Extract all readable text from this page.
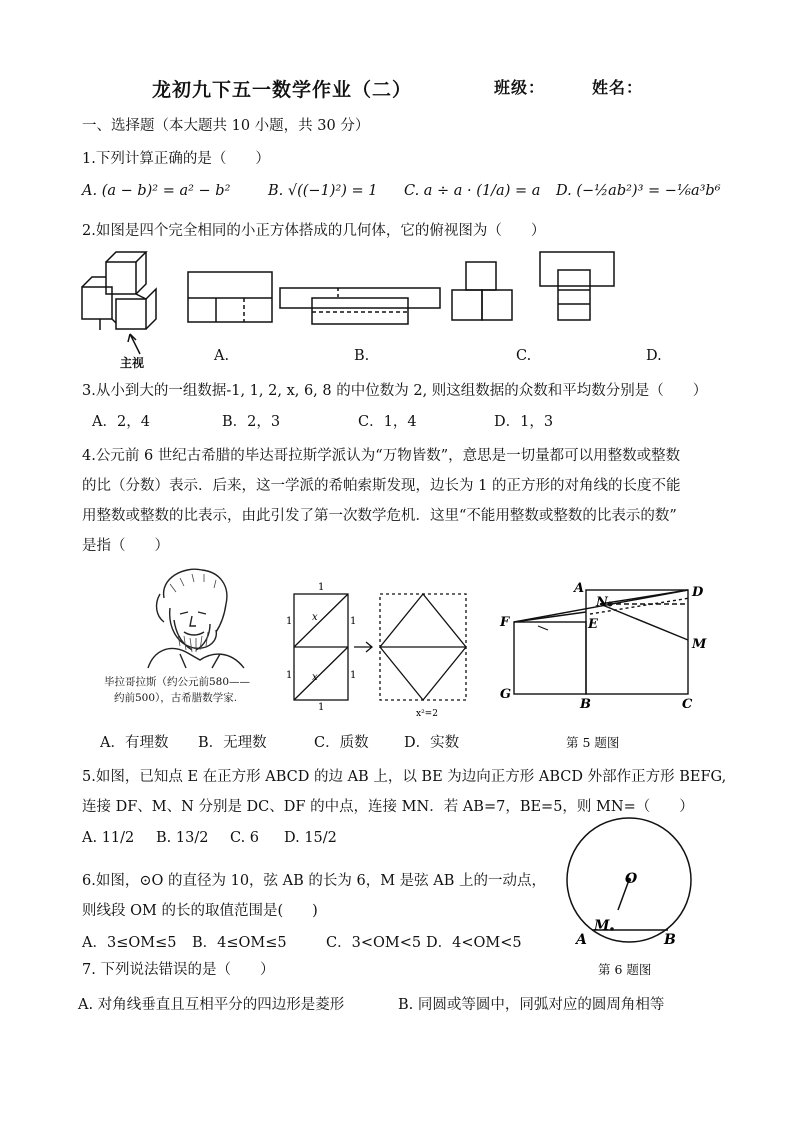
龙初九下五一数学作业（二）	班级：	姓名：
一、选择题（本大题共 10 小题，共 30 分）
1.下列计算正确的是（　　）
A. (a − b)² = a² − b²	B. √((−1)²) = 1 C. a ÷ a · (1/a) = a D. (−½ab²)³ = −⅙a³b⁶
2.如图是四个完全相同的小正方体搭成的几何体，它的俯视图为（　　）
主视	A.	B.	C.	D.
3.从小到大的一组数据-1, 1, 2, x, 6, 8 的中位数为 2, 则这组数据的众数和平均数分别是（　　）
A．2，4	B．2，3	C．1，4	D．1，3
4.公元前 6 世纪古希腊的毕达哥拉斯学派认为“万物皆数”，意思是一切量都可以用整数或整数
的比（分数）表示．后来，这一学派的希帕索斯发现，边长为 1 的正方形的对角线的长度不能
用整数或整数的比表示，由此引发了第一次数学危机．这里“不能用整数或整数的比表示的数”
是指（　　）
毕拉哥拉斯（约公元前580——
约前500），古希腊数学家.
1
1
1
1
1
1
x
x
x²=2
A	D
N
F	E
M
G
B	C
A．有理数 B．无理数	C．质数 D．实数	第 5 题图
5.如图，已知点 E 在正方形 ABCD 的边 AB 上，以 BE 为边向正方形 ABCD 外部作正方形 BEFG,
连接 DF、M、N 分别是 DC、DF 的中点，连接 MN．若 AB=7，BE=5，则 MN=（　　）
A. 11/2 B. 13/2 C. 6 D. 15/2
6.如图，⊙O 的直径为 10，弦 AB 的长为 6，M 是弦 AB 上的一动点，
则线段 OM 的长的取值范围是(　　)
A．3≤OM≤5 B．4≤OM≤5	C．3<OM<5 D．4<OM<5
O
A
M
B
第 6 题图
7. 下列说法错误的是（　　）
A. 对角线垂直且互相平分的四边形是菱形	B. 同圆或等圆中，同弧对应的圆周角相等
